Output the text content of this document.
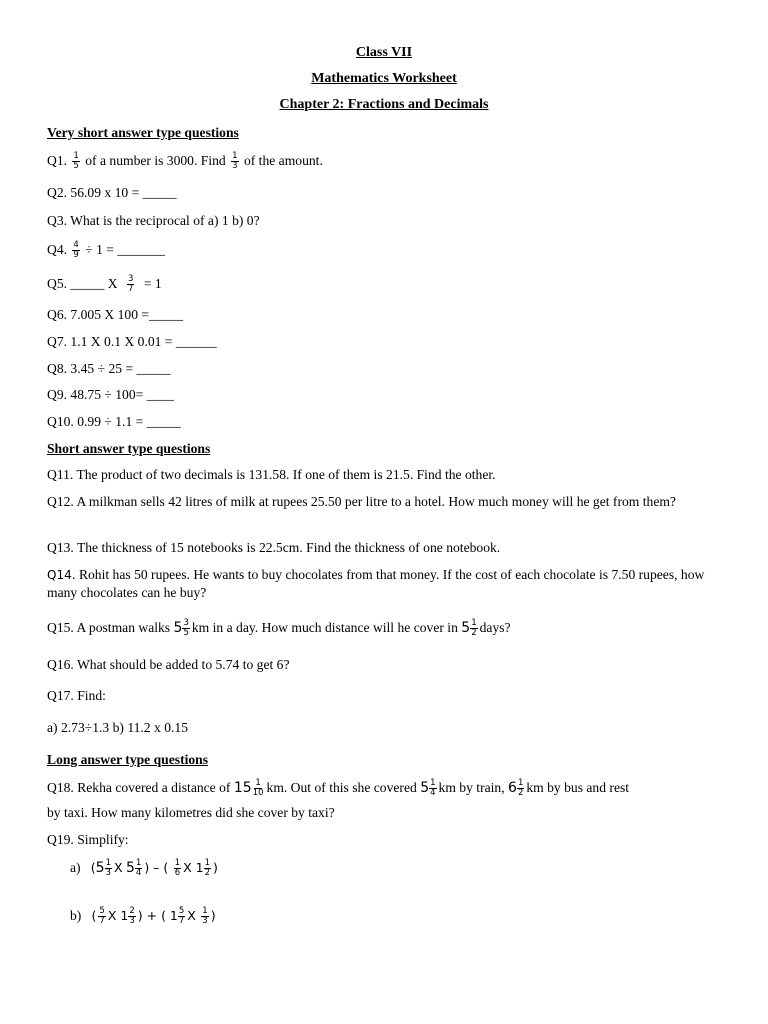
Class VII
Mathematics Worksheet
Chapter 2: Fractions and Decimals
Very short answer type questions
Q1. $\frac{1}{5}$ of a number is 3000. Find $\frac{1}{3}$ of the amount.
Q2. 56.09 x 10 = _____
Q3. What is the reciprocal of a) 1 b) 0?
Q4. $\frac{4}{9} \div 1$ = _______
Q5. _____ X $\frac{3}{7} = 1$
Q6. 7.005 X 100 =_____
Q7. 1.1 X 0.1 X 0.01 = ______
Q8. 3.45 ÷ 25 = _____
Q9. 48.75 ÷ 100= ____
Q10. 0.99 ÷ 1.1 = _____
Short answer type questions
Q11. The product of two decimals is 131.58. If one of them is 21.5. Find the other.
Q12. A milkman sells 42 litres of milk at rupees 25.50 per litre to a hotel. How much money will he get from them?
Q13. The thickness of 15 notebooks is 22.5cm. Find the thickness of one notebook.
Q14. Rohit has 50 rupees. He wants to buy chocolates from that money. If the cost of each chocolate is 7.50 rupees, how many chocolates can he buy?
Q15. A postman walks $5 \frac{3}{5}$ km in a day. How much distance will he cover in $5 \frac{1}{2}$ days?
Q16. What should be added to 5.74 to get 6?
Q17. Find:
a) 2.73÷1.3 b) 11.2 x 0.15
Long answer type questions
Q18. Rekha covered a distance of $15 \frac{1}{10}$ km. Out of this she covered $5 \frac{1}{4}$ km by train, $6 \frac{1}{2}$ km by bus and rest
by taxi. How many kilometres did she cover by taxi?
Q19. Simplify:
a) ($5 \frac{1}{3}$ X $5 \frac{1}{4}$ ) – ( $\frac{1}{6}$ X $1 \frac{1}{2}$ )
b) ( $\frac{5}{7}$ X $1 \frac{2}{3}$ ) + ( $1 \frac{5}{7}$ X $\frac{1}{3}$ )
